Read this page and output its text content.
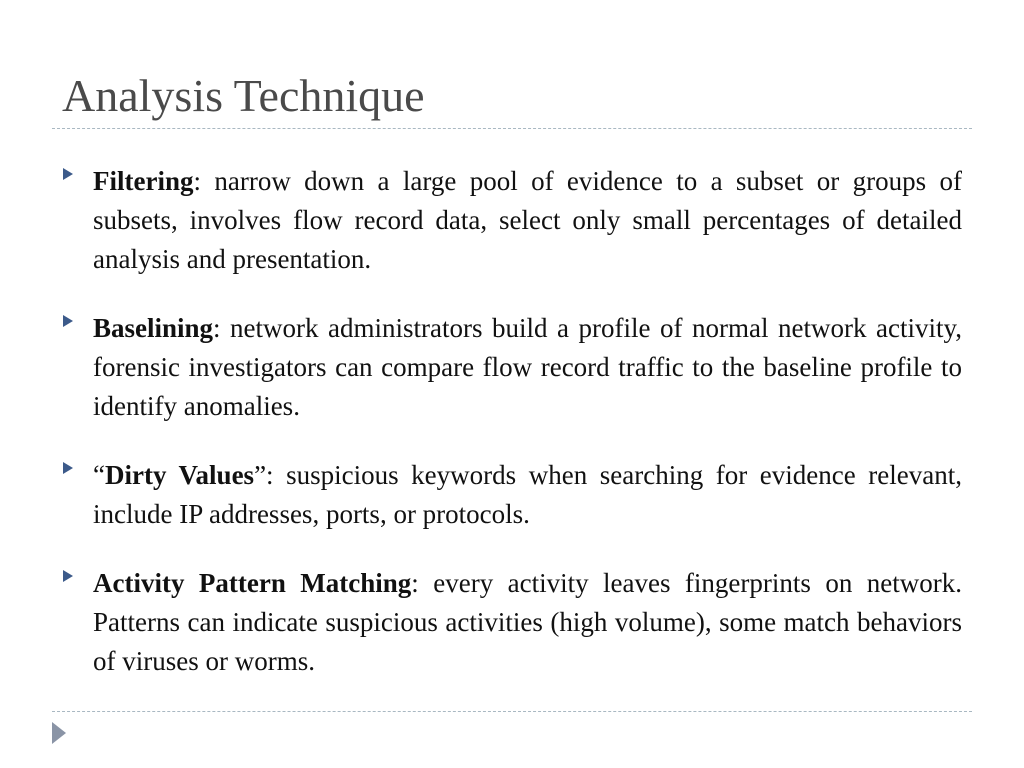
Analysis Technique
Filtering: narrow down a large pool of evidence to a subset or groups of subsets, involves flow record data, select only small percentages of detailed analysis and presentation.
Baselining: network administrators build a profile of normal network activity, forensic investigators can compare flow record traffic to the baseline profile to identify anomalies.
“Dirty Values”: suspicious keywords when searching for evidence relevant, include IP addresses, ports, or protocols.
Activity Pattern Matching: every activity leaves fingerprints on network. Patterns can indicate suspicious activities (high volume), some match behaviors of viruses or worms.
